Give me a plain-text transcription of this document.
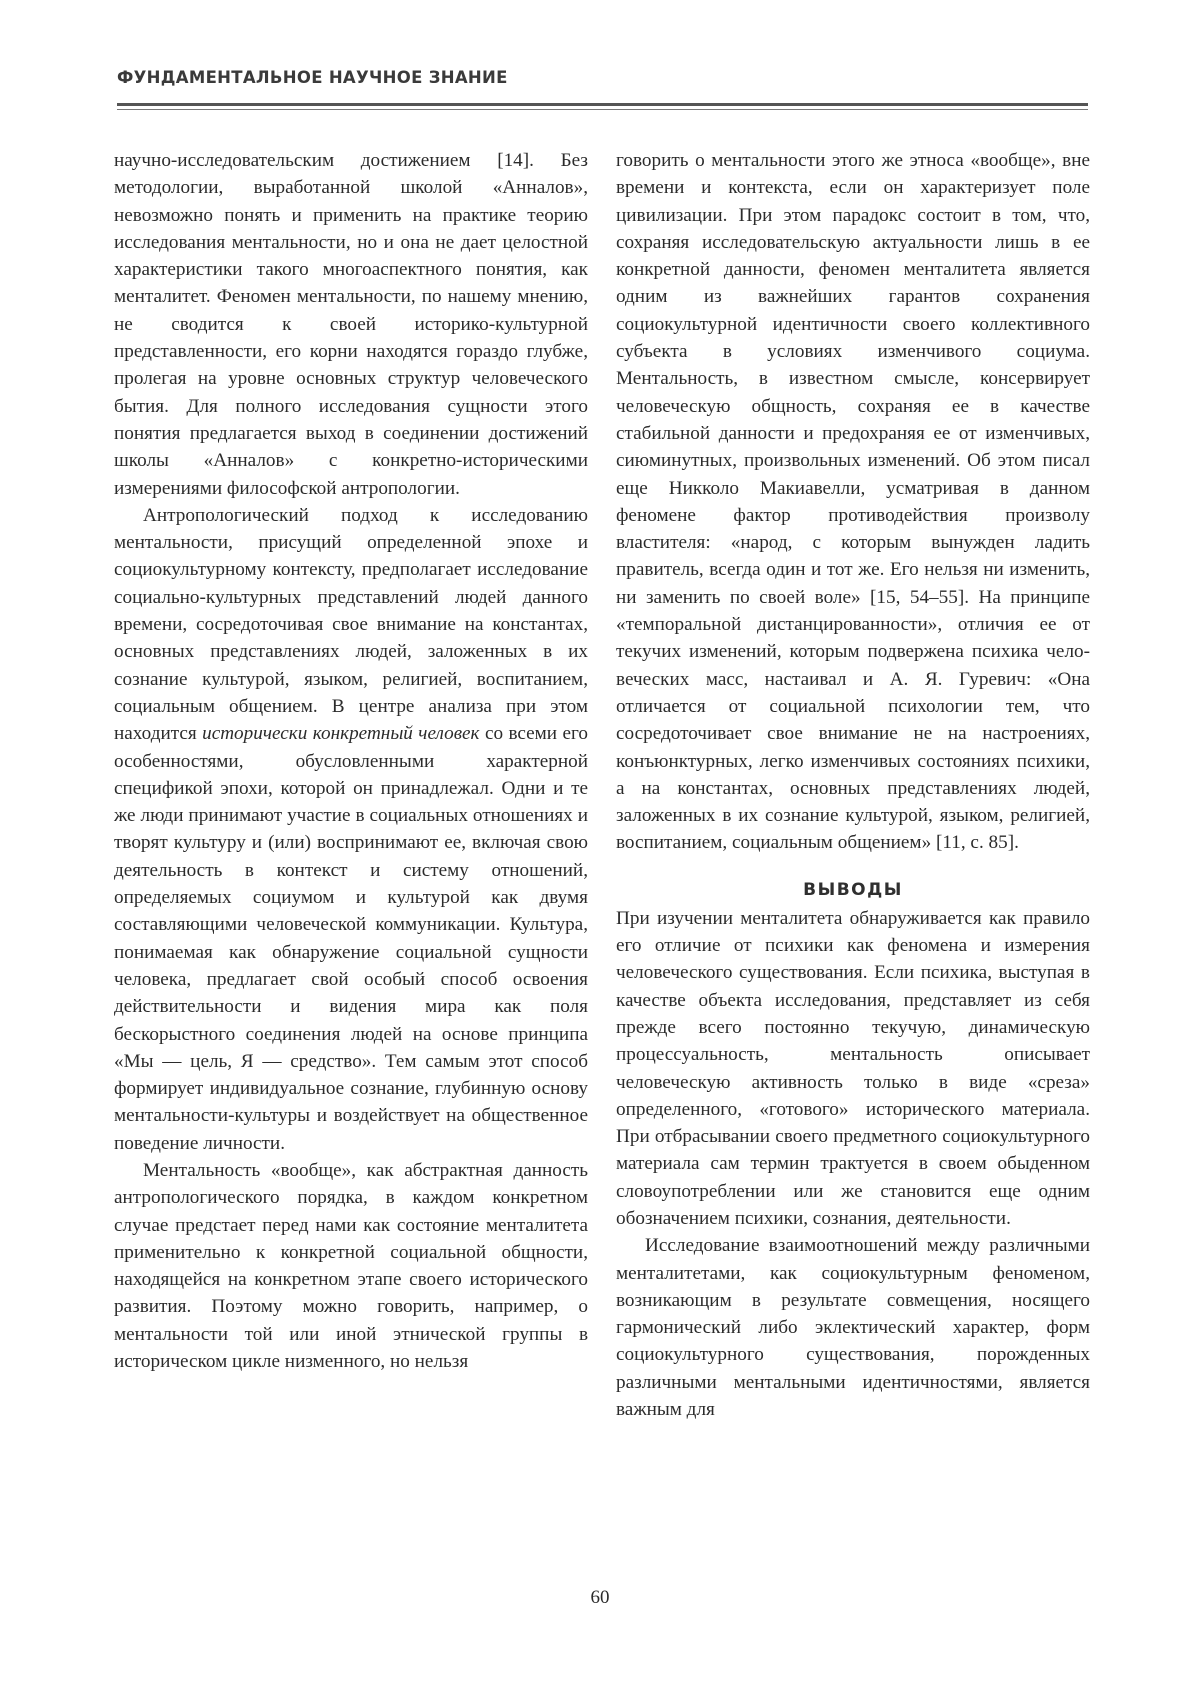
ФУНДАМЕНТАЛЬНОЕ НАУЧНОЕ ЗНАНИЕ

научно-исследовательским достижением [14]. Без методологии, выработанной школой «Анналов», невозможно понять и применить на практике теорию исследования ментальности, но и она не дает целостной характеристики такого многоаспектного понятия, как менталитет. Феномен ментальности, по нашему мнению, не сводится к своей историко-культурной представленности, его корни находятся гораздо глубже, пролегая на уровне основных структур человеческого бытия. Для полного исследования сущности этого понятия предлагается выход в соединении достижений школы «Анналов» с конкретно-историческими измерениями философской антропологии.

Антропологический подход к исследованию ментальности, присущий определенной эпохе и социокультурному контексту, предполагает исследование социально-культурных представлений людей данного времени, сосредоточивая свое внимание на константах, основных представлениях людей, заложенных в их сознание культурой, языком, религией, воспитанием, социальным общением. В центре анализа при этом находится исторически конкретный человек со всеми его особенностями, обусловленными характерной спецификой эпохи, которой он принадлежал. Одни и те же люди принимают участие в социальных отношениях и творят культуру и (или) воспринимают ее, включая свою деятельность в контекст и систему отношений, определяемых социумом и культурой как двумя составляющими человеческой коммуникации. Культура, понимаемая как обнаружение социальной сущности человека, предлагает свой особый способ освоения действительности и видения мира как поля бескорыстного соединения людей на основе принципа «Мы — цель, Я — средство». Тем самым этот способ формирует индивидуальное сознание, глубинную основу ментальности-культуры и воздействует на общественное поведение личности.

Ментальность «вообще», как абстрактная данность антропологического порядка, в каждом конкретном случае предстает перед нами как состояние менталитета применительно к конкретной социальной общности, находящейся на конкретном этапе своего исторического развития. Поэтому можно говорить, например, о ментальности той или иной этнической группы в историческом цикле низменного, но нельзя

говорить о ментальности этого же этноса «вообще», вне времени и контекста, если он характеризует поле цивилизации. При этом парадокс состоит в том, что, сохраняя исследовательскую актуальности лишь в ее конкретной данности, феномен менталитета является одним из важнейших гарантов сохранения социокультурной идентичности своего коллективного субъекта в условиях изменчивого социума. Ментальность, в известном смысле, консервирует человеческую общность, сохраняя ее в качестве стабильной данности и предохраняя ее от изменчивых, сиюминутных, произвольных изменений. Об этом писал еще Никколо Макиавелли, усматривая в данном феномене фактор противодействия произволу властителя: «народ, с которым вынужден ладить правитель, всегда один и тот же. Его нельзя ни изменить, ни заменить по своей воле» [15, 54–55]. На принципе «темпоральной дистанцированности», отличия ее от текучих изменений, которым подвержена психика человеческих масс, настаивал и А. Я. Гуревич: «Она отличается от социальной психологии тем, что сосредоточивает свое внимание не на настроениях, конъюнктурных, легко изменчивых состояниях психики, а на константах, основных представлениях людей, заложенных в их сознание культурой, языком, религией, воспитанием, социальным общением» [11, с. 85].

ВЫВОДЫ

При изучении менталитета обнаруживается как правило его отличие от психики как феномена и измерения человеческого существования. Если психика, выступая в качестве объекта исследования, представляет из себя прежде всего постоянно текучую, динамическую процессуальность, ментальность описывает человеческую активность только в виде «среза» определенного, «готового» исторического материала. При отбрасывании своего предметного социокультурного материала сам термин трактуется в своем обыденном словоупотреблении или же становится еще одним обозначением психики, сознания, деятельности.

Исследование взаимоотношений между различными менталитетами, как социокультурным феноменом, возникающим в результате совмещения, носящего гармонический либо эклектический характер, форм социокультурного существования, порожденных различными ментальными идентичностями, является важным для

60
